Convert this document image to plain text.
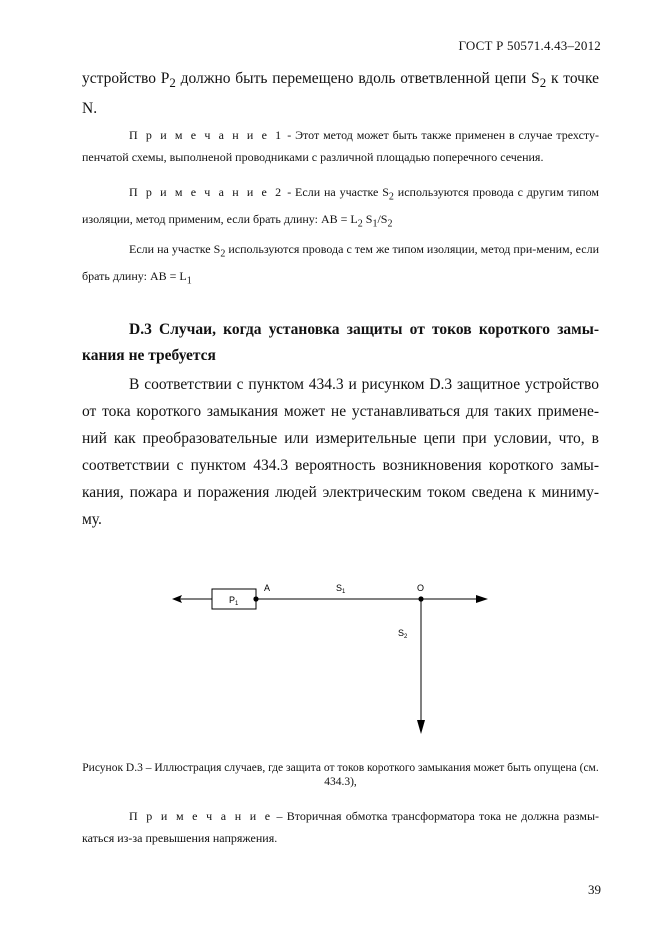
ГОСТ Р 50571.4.43–2012
устройство $Р_2$ должно быть перемещено вдоль ответвленной цепи $S_2$ к точке
N.
П р и м е ч а н и е 1 - Этот метод может быть также применен в случае трехсту-пенчатой схемы, выполненой проводниками с различной площадью поперечного сечения.
П р и м е ч а н и е 2 - Если на участке $S_2$ используются провода с другим типом изоляции, метод применим, если брать длину: АВ = $L_2$ $S_1/S_2$
Если на участке $S_2$ используются провода с тем же типом изоляции, метод при-меним, если брать длину: АВ = $L_1$
D.3 Случаи, когда установка защиты от токов короткого замы-кания не требуется
В соответствии с пунктом 434.3 и рисунком D.3 защитное устройство от тока короткого замыкания может не устанавливаться для таких примене-ний как преобразовательные или измерительные цепи при условии, что, в соответствии с пунктом 434.3 вероятность возникновения короткого замы-кания, пожара и поражения людей электрическим током сведена к миниму-му.
$P_1$
A	$S_1$	O
$S_2$
Рисунок D.3 – Иллюстрация случаев, где защита от токов короткого замыкания может быть опущена (см. 434.3),
П р и м е ч а н и е – Вторичная обмотка трансформатора тока не должна размы-каться из-за превышения напряжения.
39
